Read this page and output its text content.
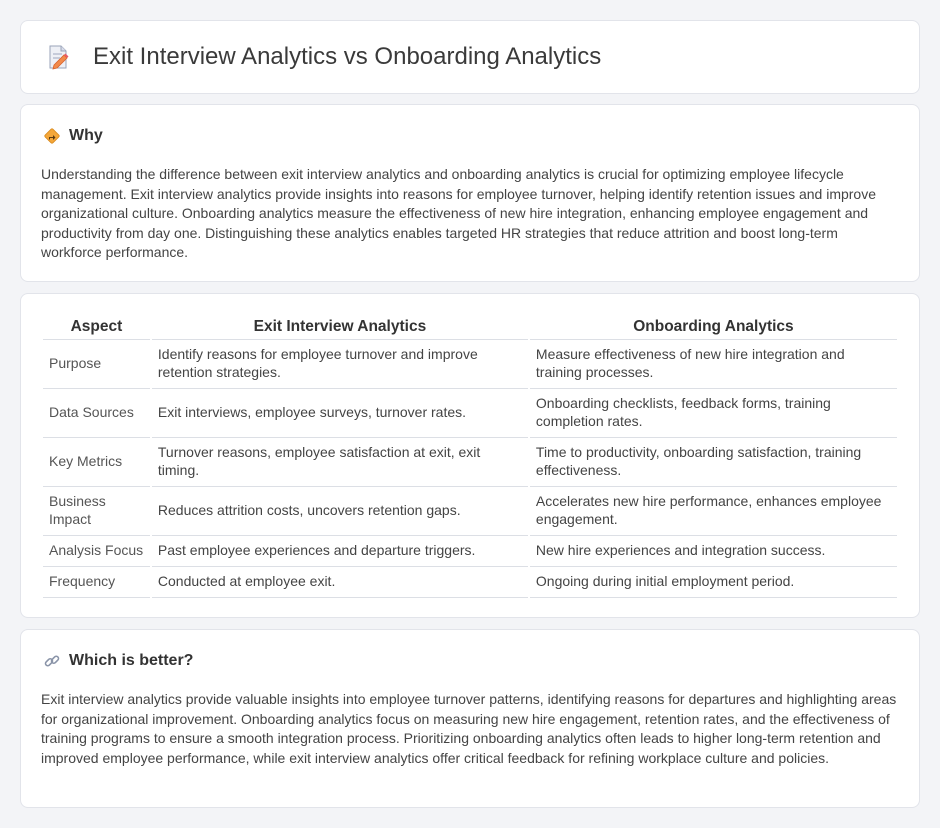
Exit Interview Analytics vs Onboarding Analytics
Why

Understanding the difference between exit interview analytics and onboarding analytics is crucial for optimizing employee lifecycle management. Exit interview analytics provide insights into reasons for employee turnover, helping identify retention issues and improve organizational culture. Onboarding analytics measure the effectiveness of new hire integration, enhancing employee engagement and productivity from day one. Distinguishing these analytics enables targeted HR strategies that reduce attrition and boost long-term workforce performance.

Aspect	Exit Interview Analytics	Onboarding Analytics
Purpose	Identify reasons for employee turnover and improve retention strategies.	Measure effectiveness of new hire integration and training processes.
Data Sources	Exit interviews, employee surveys, turnover rates.	Onboarding checklists, feedback forms, training completion rates.
Key Metrics	Turnover reasons, employee satisfaction at exit, exit timing.	Time to productivity, onboarding satisfaction, training effectiveness.
Business Impact	Reduces attrition costs, uncovers retention gaps.	Accelerates new hire performance, enhances employee engagement.
Analysis Focus	Past employee experiences and departure triggers.	New hire experiences and integration success.
Frequency	Conducted at employee exit.	Ongoing during initial employment period.
Which is better?

Exit interview analytics provide valuable insights into employee turnover patterns, identifying reasons for departures and highlighting areas for organizational improvement. Onboarding analytics focus on measuring new hire engagement, retention rates, and the effectiveness of training programs to ensure a smooth integration process. Prioritizing onboarding analytics often leads to higher long-term retention and improved employee performance, while exit interview analytics offer critical feedback for refining workplace culture and policies.
